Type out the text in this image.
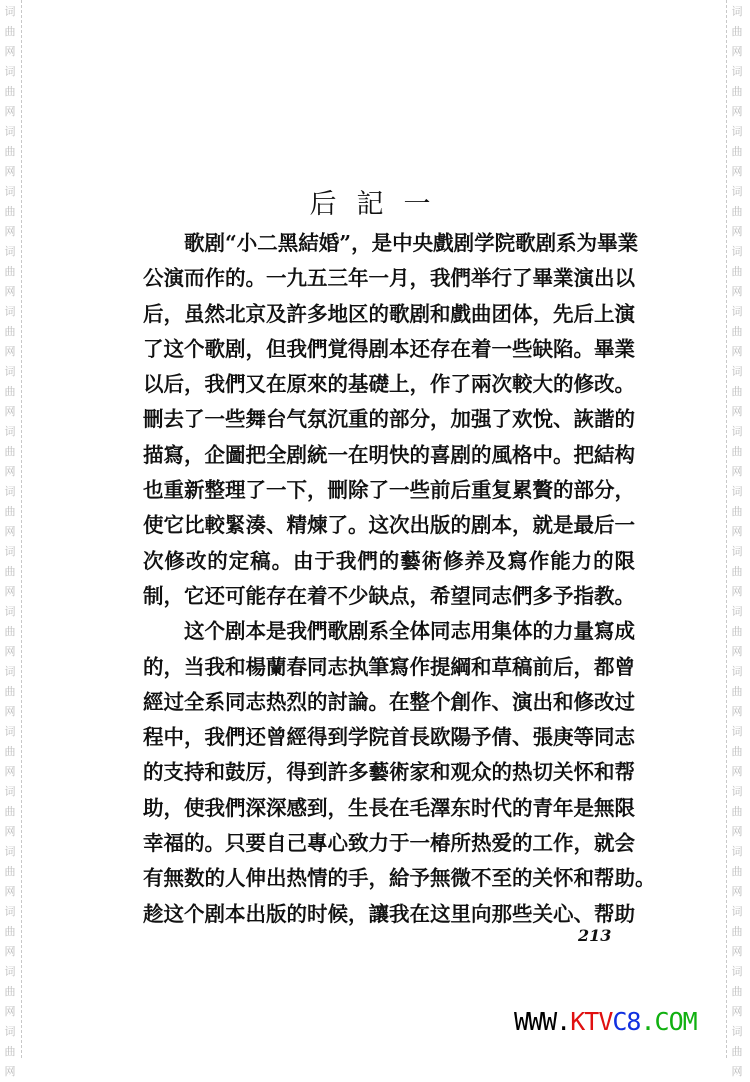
词
曲
网
词
曲
网
词
曲
网
词
曲
网
词
曲
网
词
曲
网
词
曲
网
词
曲
网
词
曲
网
词
曲
网
词
曲
网
词
曲
网
词
曲
网
词
曲
网
词
曲
网
词
曲
网
词
曲
网
词
曲
网
词
曲
网
词
曲
网
词
曲
网
词
曲
网
词
曲
网
词
曲
网
词
曲
网
词
曲
网
词
曲
网
词
曲
网
词
曲
网
词
曲
网
词
曲
网
词
曲
网
词
曲
网
词
曲
网
词
曲
网
词
曲
网
后記一
歌剧“小二黑結婚”，是中央戲剧学院歌剧系为畢業
公演而作的。一九五三年一月，我們举行了畢業演出以
后，虽然北京及許多地区的歌剧和戲曲团体，先后上演
了这个歌剧，但我們覚得剧本还存在着一些缺陷。畢業
以后，我們又在原來的基礎上，作了兩次較大的修改。
刪去了一些舞台气氛沉重的部分，加强了欢悅、詼諧的
描寫，企圖把全剧統一在明快的喜剧的風格中。把結构
也重新整理了一下，刪除了一些前后重复累贅的部分，
使它比較緊湊、精煉了。这次出版的剧本，就是最后一
次修改的定稿。由于我們的藝術修养及寫作能力的限
制，它还可能存在着不少缺点，希望同志們多予指教。
这个剧本是我們歌剧系全体同志用集体的力量寫成
的，当我和楊蘭春同志执筆寫作提綱和草稿前后，都曾
經过全系同志热烈的討論。在整个創作、演出和修改过
程中，我們还曾經得到学院首長欧陽予倩、張庚等同志
的支持和鼓厉，得到許多藝術家和观众的热切关怀和帮
助，使我們深深感到，生長在毛澤东时代的青年是無限
幸福的。只要自己專心致力于一椿所热爱的工作，就会
有無数的人伸出热情的手，給予無微不至的关怀和帮助。
趁这个剧本出版的时候，讓我在这里向那些关心、帮助
213
WWW.KTVC8.COM
